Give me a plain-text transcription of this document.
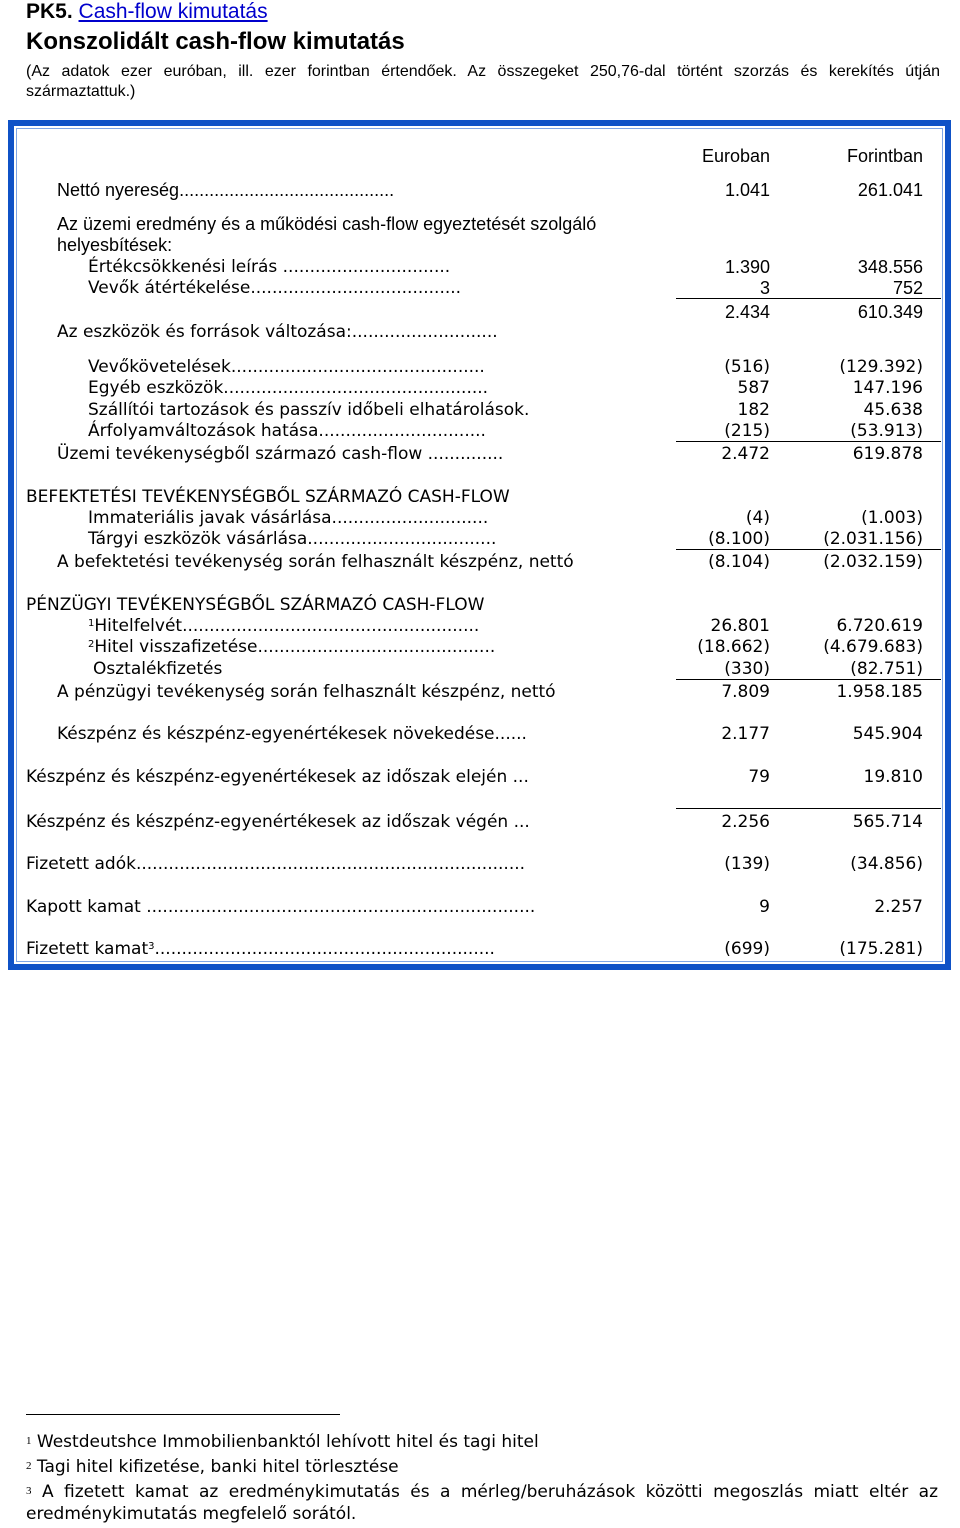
PK5. Cash-flow kimutatás
Konszolidált cash-flow kimutatás
(Az adatok ezer euróban, ill. ezer forintban értendőek. Az összegeket 250,76-dal történt szorzás és kerekítés útján származtattuk.)
Euroban	Forintban
Nettó nyereség...........................................	1.041	261.041
Az üzemi eredmény és a működési cash-flow egyeztetését szolgáló helyesbítések:
Értékcsökkenési leírás ...............................	1.390	348.556
Vevők átértékelése.......................................	3	752
2.434	610.349
Az eszközök és források változása:...........................
Vevőkövetelések...............................................	(516)	(129.392)
Egyéb eszközök.................................................	587	147.196
Szállítói tartozások és passzív időbeli elhatárolások.	182	45.638
Árfolyamváltozások hatása...............................	(215)	(53.913)
Üzemi tevékenységből származó cash-flow ..............	2.472	619.878
BEFEKTETÉSI TEVÉKENYSÉGBŐL SZÁRMAZÓ CASH-FLOW
Immateriális javak vásárlása.............................	(4)	(1.003)
Tárgyi eszközök vásárlása...................................	(8.100)	(2.031.156)
A befektetési tevékenység során felhasznált készpénz, nettó	(8.104)	(2.032.159)
PÉNZÜGYI TEVÉKENYSÉGBŐL SZÁRMAZÓ CASH-FLOW
$^1$Hitelfelvét.......................................................	26.801	6.720.619
$^2$Hitel visszafizetése............................................	(18.662)	(4.679.683)
Osztalékfizetés	(330)	(82.751)
A pénzügyi tevékenység során felhasznált készpénz, nettó	7.809	1.958.185
Készpénz és készpénz-egyenértékesek növekedése......	2.177	545.904
Készpénz és készpénz-egyenértékesek az időszak elején ...	79	19.810
Készpénz és készpénz-egyenértékesek az időszak végén ...	2.256	565.714
Fizetett adók........................................................................	(139)	(34.856)
Kapott kamat ........................................................................	9	2.257
Fizetett kamat$^3$...............................................................	(699)	(175.281)
$^1$ Westdeutshce Immobilienbanktól lehívott hitel és tagi hitel
$^2$ Tagi hitel kifizetése, banki hitel törlesztése
$^3$ A fizetett kamat az eredménykimutatás és a mérleg/beruházások közötti megoszlás miatt eltér az eredménykimutatás megfelelő sorától.
